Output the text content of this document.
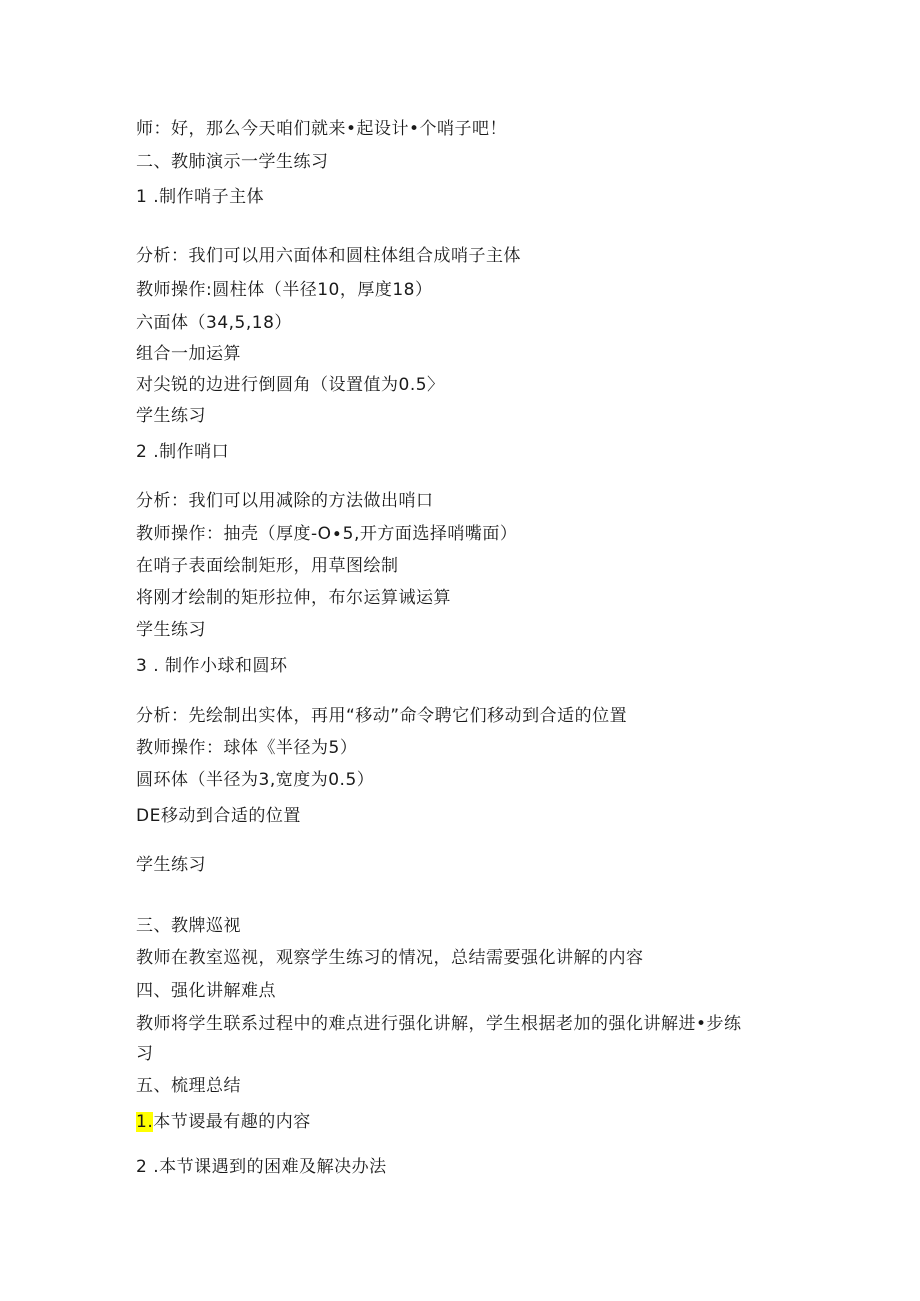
师：好，那么今天咱们就来•起设计•个哨子吧！
二、教肺演示一学生练习
1 .制作哨子主体
分析：我们可以用六面体和圆柱体组合成哨子主体
教师操作:圆柱体（半径10，厚度18）
六面体（34,5,18）
组合一加运算
对尖锐的边进行倒圆角（设置值为0.5〉
学生练习
2 .制作哨口
分析：我们可以用减除的方法做出哨口
教师操作：抽壳（厚度-O∙5,开方面选择哨嘴面）
在哨子表面绘制矩形，用草图绘制
将刚才绘制的矩形拉伸，布尔运算诫运算
学生练习
3 . 制作小球和圆环
分析：先绘制出实体，再用“移动”命令聘它们移动到合适的位置
教师操作：球体《半径为5）
圆环体（半径为3,宽度为0.5）
DE移动到合适的位置
学生练习
三、教牌巡视
教师在教室巡视，观察学生练习的情况，总结需要强化讲解的内容
四、强化讲解难点
教师将学生联系过程中的难点进行强化讲解，学生根据老加的强化讲解进•步练
习
五、梳理总结
1.本节谡最有趣的内容
2 .本节课遇到的困难及解决办法
